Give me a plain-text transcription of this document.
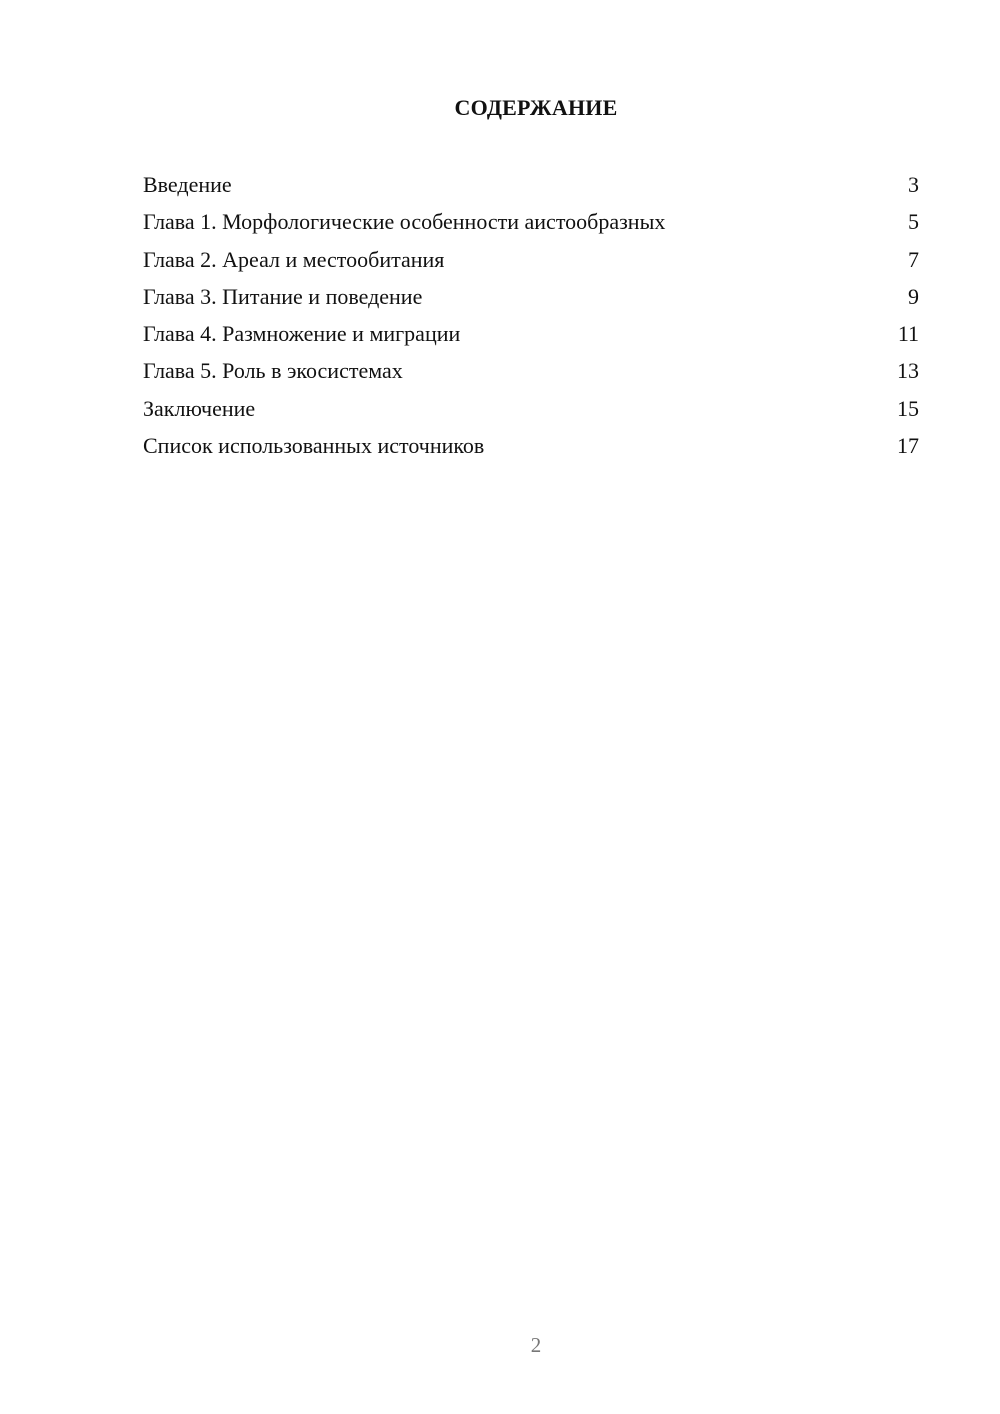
СОДЕРЖАНИЕ
Введение	3
Глава 1. Морфологические особенности аистообразных	5
Глава 2. Ареал и местообитания	7
Глава 3. Питание и поведение	9
Глава 4. Размножение и миграции	11
Глава 5. Роль в экосистемах	13
Заключение	15
Список использованных источников	17
2
